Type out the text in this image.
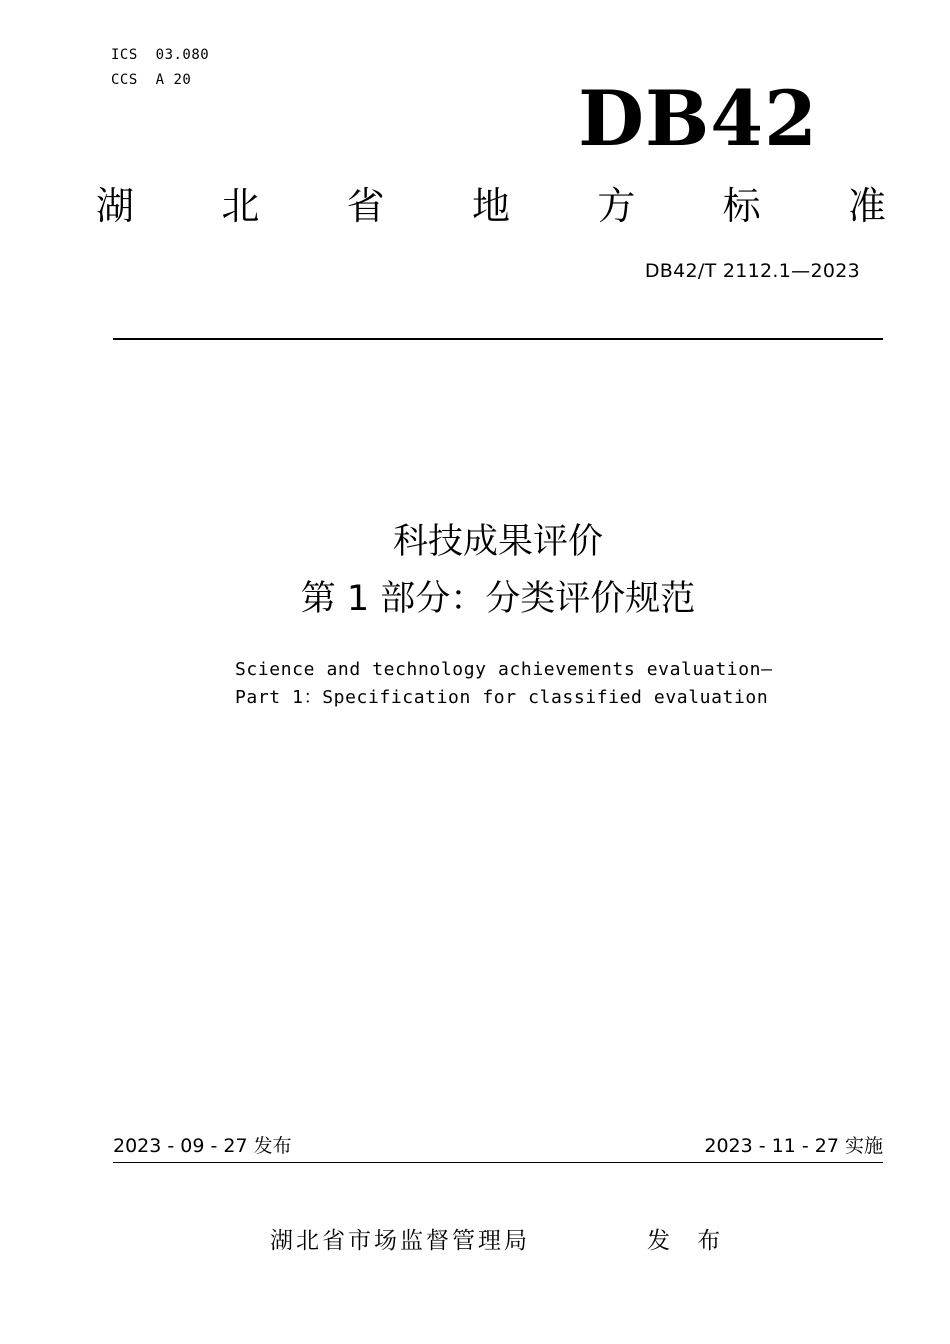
ICS  03.080
CCS  A 20	DB42
湖 北 省 地 方 标 准
DB42/T 2112.1—2023
科技成果评价
第 1 部分：分类评价规范
Science and technology achievements evaluation—
Part 1：Specification for classified evaluation
2023 - 09 - 27 发布	2023 - 11 - 27 实施
湖北省市场监督管理局	发 布
